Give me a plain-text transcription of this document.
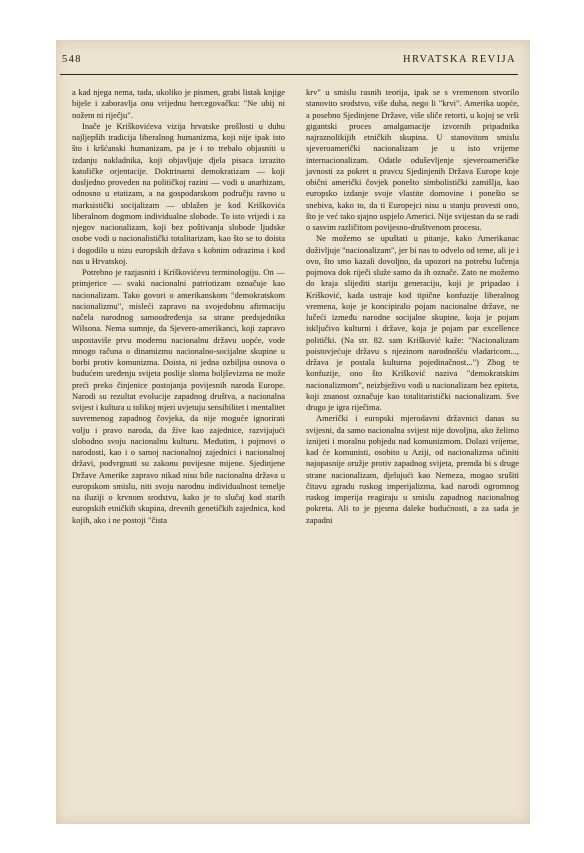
548	HRVATSKA REVIJA

a kad njega nema, tada, ukoliko je pismen, grabi listak knjige bijele i zaboravlja onu vrijednu hercegovačku: "Ne ubij ni nožem ni riječju".

Inače je Kriškovićeva vizija hrvatske prošlosti u duhu najljepših tradicija liberalnog humanizma, koji nije ipak isto što i kršćanski humanizam, pa je i to trebalo objasniti u izdanju nakladnika, koji objavljuje djela pisaca izrazito katoličke orjentacije. Doktrinarni demokratizam — koji dosljedno proveden na političkoj razini — vodi u anarhizam, odnosno u etatizam, a na gospodarskom području ravno u marksistički socijalizam — ublažen je kod Kriškovića liberalnom dogmom individualne slobode. To isto vrijedi i za njegov nacionalizam, koji bez poštivanja slobode ljudske osobe vodi u nacionalistički totalitarizam, kao što se to doista i dogodilo u nizu europskih država s kobnim odrazima i kod nas u Hrvatskoj.

Potrebno je razjasniti i Kriškovićevu terminologiju. On — primjerice — svaki nacionalni patriotizam označuje kao nacionalizam. Tako govori o amerikanskom "demokratskom nacionalizmu", misleći zapravo na svojedobnu afirmaciju načela narodnog samoodređenja sa strane predsjednika Wilsona. Nema sumnje, da Sjevero-amerikanci, koji zapravo uspostaviše prvu modernu nacionalnu državu uopće, vode mnogo računa o dinamizmu nacionalno-socijalne skupine u borbi protiv komunizma. Doista, ni jedna ozbiljna osnova o budućem uređenju svijeta poslije sloma boljševizma ne može preći preko činjenice postojanja povijesnih naroda Europe. Narodi su rezultat evolucije zapadnog društva, a nacionalna svijest i kultura u tolikoj mjeri uvjetuju sensibilitet i mentalitet suvremenog zapadnog čovjeka, da nije moguće ignorirati volju i pravo naroda, da žive kao zajednice, razvijajući slobodno svoju nacionalnu kulturu. Međutim, i pojmovi o narodosti, kao i o samoj nacionalnoj zajednici i nacionalnoj državi, podvrgnuti su zakonu povijesne mijene. Sjedinjene Države Amerike zapravo nikad nisu bile nacionalna država u europskom smislu, niti svoju narodnu individualnost temelje na iluziji o krvnom srodstvu, kako je to slučaj kod starih europskih etničkih skupina, drevnih genetičkih zajednica, kod kojih, ako i ne postoji "čista

krv" u smislu rasnih teorija, ipak se s vremenom stvorilo stanovito srodstvo, više duha, nego li "krvi". Amerika uopće, a posebno Sjedinjene Države, više sliče retorti, u kojoj se vrši gigantski proces amalgamacije izvornih pripadnika najraznolikijih etničkih skupina. U stanovitom smislu sjeveroamerički nacionalizam je u isto vrijeme internacionalizam. Odatle oduševljenje sjeveroameričke javnosti za pokret u pravcu Sjedinjenih Država Europe koje obični američki čovjek ponešto simbolistički zamišlja, kao europsko izdanje svoje vlastite domovine i ponešto se snebiva, kako to, da ti Europejci nisu u stanju provesti ono, što je već tako sjajno uspjelo Americi. Nije svijestan da se radi o sasvim različitom povijesno-društvenom procesu.

Ne možemo se upuštati u pitanje, kako Amerikanac doživljuje "nacionalizam", jer bi nas to odvelo od teme, ali je i ovo, što smo kazali dovoljno, da upozori na potrebu lučenja pojmova dok riječi služe samo da ih označe. Zato ne možemo do kraja slijediti stariju generaciju, koji je pripadao i Krišković, kada ustraje kod tipične konfuzije liberalnog vremena, koje je koncipiralo pojam nacionalne države, ne lučeći između narodne socijalne skupine, koja je pojam isključivo kulturni i države, koja je pojam par excellence politički. (Na str. 82. sam Krišković kaže: "Nacionalizam poistovjećuje državu s njezinom narodnošću vladaricom..., država je postala kulturna pojedinačnost...") Zbog te konfuzije, ono što Krišković naziva "demokratskim nacionalizmom", neizbježivo vodi u nacionalizam bez epiteta, koji znanost označuje kao totalitaristički nacionalizam. Sve drugo je igra riječima.

Američki i europski mjerodavni državnici danas su svijesni, da samo nacionalna svijest nije dovoljna, ako želimo iznijeti i moralnu pobjedu nad komunizmom. Dolazi vrijeme, kad će komunisti, osobito u Aziji, od nacionalizma učiniti najopasnije oružje protiv zapadnog svijeta, premda bi s druge strane nacionalizam, djelujući kao Nemeza, mogao srušiti čitavu zgradu ruskog imperijalizma, kad narodi ogromnog ruskog imperija reagiraju u smislu zapadnog nacionalnog pokreta. Ali to je pjesma daleke budućnosti, a za sada je zapadni
